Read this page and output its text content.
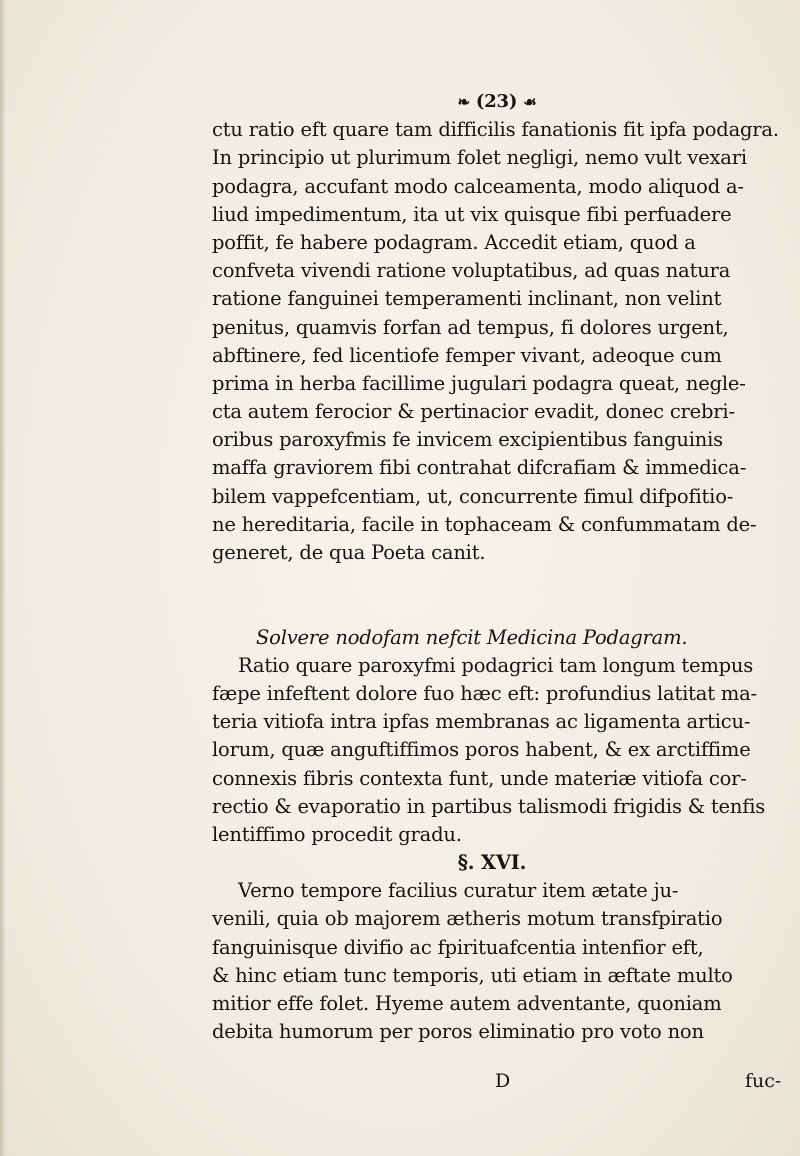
❧ (23) ☙
ctu ratio eft quare tam difficilis fanationis fit ipfa podagra.
In principio ut plurimum folet negligi, nemo vult vexari
podagra, accufant modo calceamenta, modo aliquod a-
liud impedimentum, ita ut vix quisque fibi perfuadere
poffit, fe habere podagram. Accedit etiam, quod a
confveta vivendi ratione voluptatibus, ad quas natura
ratione fanguinei temperamenti inclinant, non velint
penitus, quamvis forfan ad tempus, fi dolores urgent,
abftinere, fed licentiofe femper vivant, adeoque cum
prima in herba facillime jugulari podagra queat, negle-
cta autem ferocior & pertinacior evadit, donec crebri-
oribus paroxyfmis fe invicem excipientibus fanguinis
maffa graviorem fibi contrahat difcrafiam & immedica-
bilem vappefcentiam, ut, concurrente fimul difpofitio-
ne hereditaria, facile in tophaceam & confummatam de-
generet, de qua Poeta canit.
Solvere nodofam nefcit Medicina Podagram.
Ratio quare paroxyfmi podagrici tam longum tempus
fæpe infeftent dolore fuo hæc eft: profundius latitat ma-
teria vitiofa intra ipfas membranas ac ligamenta articu-
lorum, quæ anguftiffimos poros habent, & ex arctiffime
connexis fibris contexta funt, unde materiæ vitiofa cor-
rectio & evaporatio in partibus talismodi frigidis & tenfis
lentiffimo procedit gradu.
§. XVI.
Verno tempore facilius curatur item ætate ju-
venili, quia ob majorem ætheris motum transfpiratio
fanguinisque divifio ac fpirituafcentia intenfior eft,
& hinc etiam tunc temporis, uti etiam in æftate multo
mitior effe folet. Hyeme autem adventante, quoniam
debita humorum per poros eliminatio pro voto non
D	fuc-
